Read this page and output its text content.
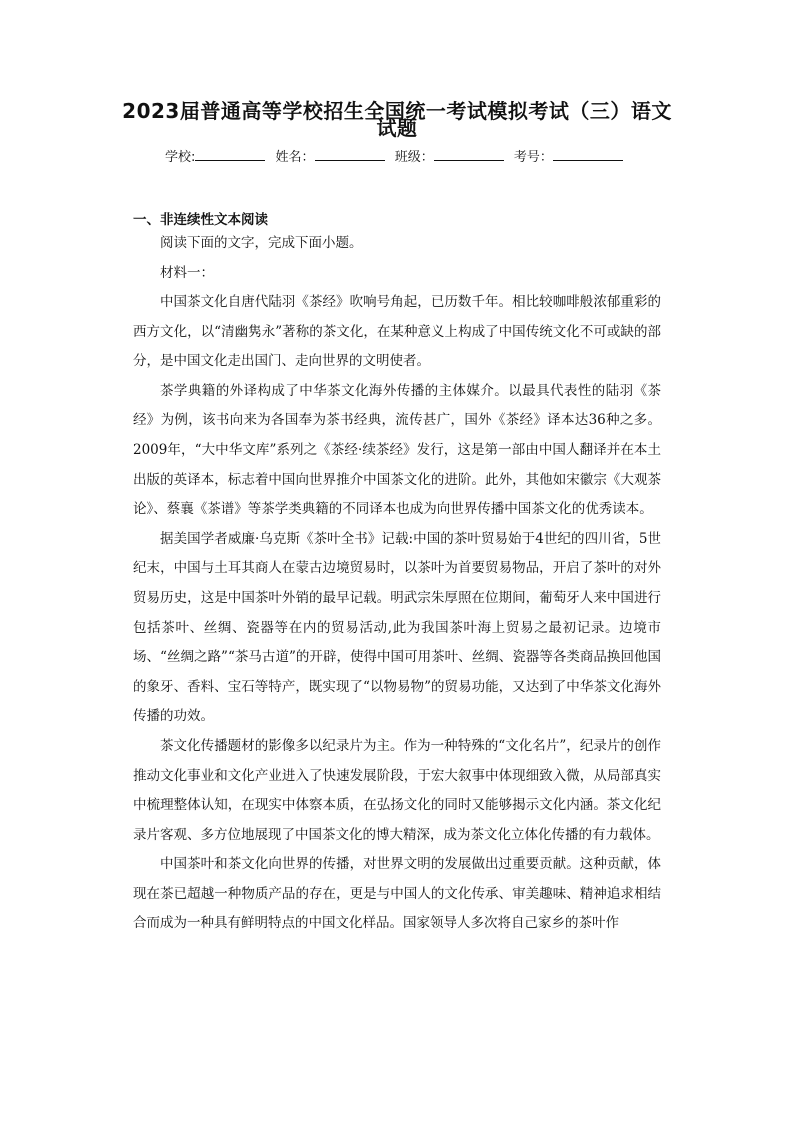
2023届普通高等学校招生全国统一考试模拟考试（三）语文
试题
学校:	姓名：	班级：	考号：
一、非连续性文本阅读

阅读下面的文字，完成下面小题。

材料一：

中国茶文化自唐代陆羽《茶经》吹响号角起，已历数千年。相比较咖啡般浓郁重彩的西方文化，以“清幽隽永”著称的茶文化，在某种意义上构成了中国传统文化不可或缺的部分，是中国文化走出国门、走向世界的文明使者。

茶学典籍的外译构成了中华茶文化海外传播的主体媒介。以最具代表性的陆羽《茶经》为例，该书向来为各国奉为茶书经典，流传甚广，国外《茶经》译本达36种之多。2009年，“大中华文库”系列之《茶经·续茶经》发行，这是第一部由中国人翻译并在本土出版的英译本，标志着中国向世界推介中国茶文化的进阶。此外，其他如宋徽宗《大观茶论》、蔡襄《茶谱》等茶学类典籍的不同译本也成为向世界传播中国茶文化的优秀读本。

据美国学者威廉·乌克斯《茶叶全书》记载:中国的茶叶贸易始于4世纪的四川省，5世纪末，中国与土耳其商人在蒙古边境贸易时，以茶叶为首要贸易物品，开启了茶叶的对外贸易历史，这是中国茶叶外销的最早记载。明武宗朱厚照在位期间，葡萄牙人来中国进行包括茶叶、丝绸、瓷器等在内的贸易活动,此为我国茶叶海上贸易之最初记录。边境市场、“丝绸之路”“茶马古道”的开辟，使得中国可用茶叶、丝绸、瓷器等各类商品换回他国的象牙、香料、宝石等特产，既实现了“以物易物”的贸易功能，又达到了中华茶文化海外传播的功效。

茶文化传播题材的影像多以纪录片为主。作为一种特殊的“文化名片”，纪录片的创作推动文化事业和文化产业进入了快速发展阶段，于宏大叙事中体现细致入微，从局部真实中梳理整体认知，在现实中体察本质，在弘扬文化的同时又能够揭示文化内涵。茶文化纪录片客观、多方位地展现了中国茶文化的博大精深，成为茶文化立体化传播的有力载体。

中国茶叶和茶文化向世界的传播，对世界文明的发展做出过重要贡献。这种贡献，体现在茶已超越一种物质产品的存在，更是与中国人的文化传承、审美趣味、精神追求相结合而成为一种具有鲜明特点的中国文化样品。国家领导人多次将自己家乡的茶叶作
